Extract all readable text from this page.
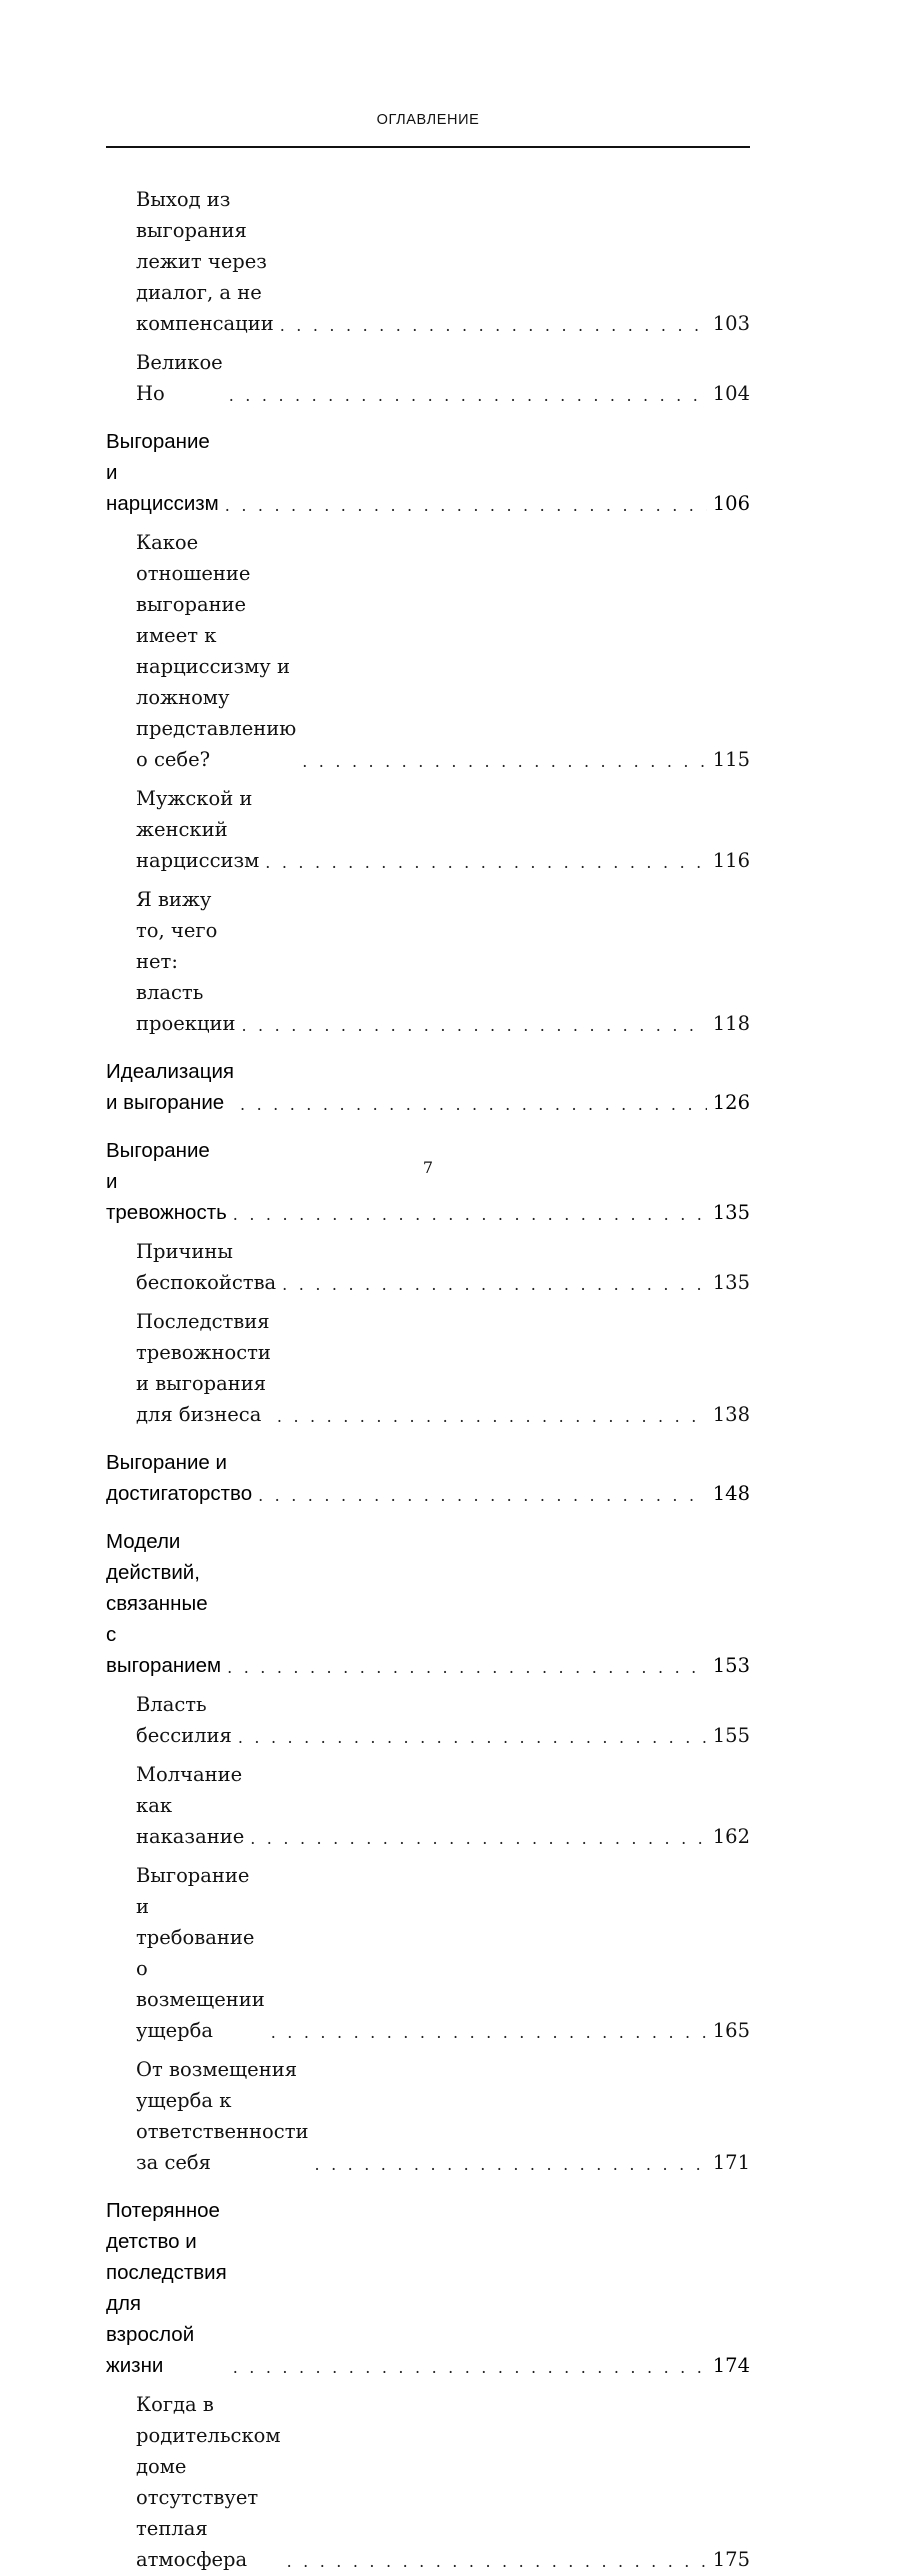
ОГЛАВЛЕНИЕ
Выход из выгорания лежит через диалог, а не компенсации . . .	103
Великое Но . . .	104
Выгорание и нарциссизм . . .	106
Какое отношение выгорание имеет к нарциссизму и ложному представлению о себе? . . .	115
Мужской и женский нарциссизм . . .	116
Я вижу то, чего нет: власть проекции . . .	118
Идеализация и выгорание . . .	126
Выгорание и тревожность . . .	135
Причины беспокойства . . .	135
Последствия тревожности и выгорания для бизнеса . . .	138
Выгорание и достигаторство . . .	148
Модели действий, связанные с выгоранием . . .	153
Власть бессилия . . .	155
Молчание как наказание . . .	162
Выгорание и требование о возмещении ущерба . . .	165
От возмещения ущерба к ответственности за себя . . .	171
Потерянное детство и последствия для взрослой жизни . . .	174
Когда в родительском доме отсутствует теплая атмосфера . . .	175
7
